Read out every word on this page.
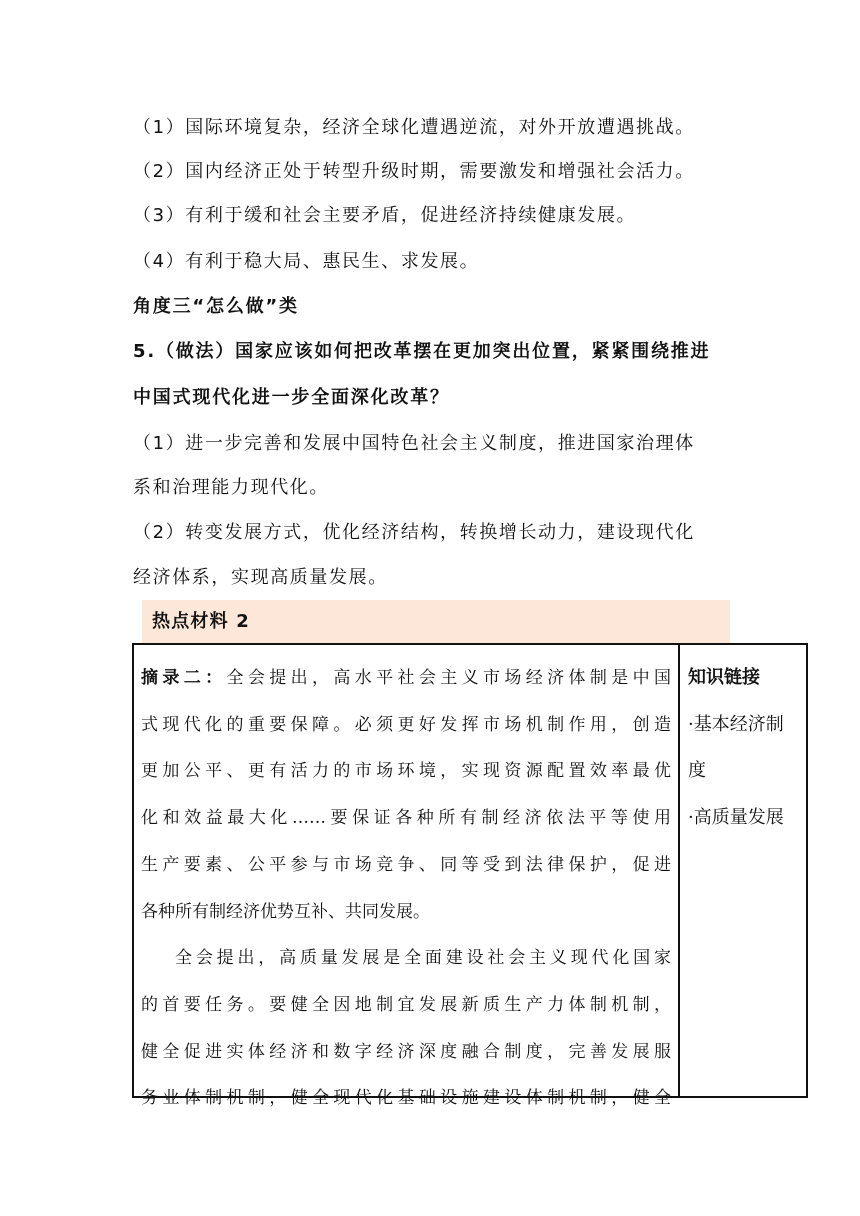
（1）国际环境复杂，经济全球化遭遇逆流，对外开放遭遇挑战。
（2）国内经济正处于转型升级时期，需要激发和增强社会活力。
（3）有利于缓和社会主要矛盾，促进经济持续健康发展。
（4）有利于稳大局、惠民生、求发展。
角度三“怎么做”类
5.（做法）国家应该如何把改革摆在更加突出位置，紧紧围绕推进
中国式现代化进一步全面深化改革？
（1）进一步完善和发展中国特色社会主义制度，推进国家治理体
系和治理能力现代化。
（2）转变发展方式，优化经济结构，转换增长动力，建设现代化
经济体系，实现高质量发展。
热点材料 2

摘录二：全会提出，高水平社会主义市场经济体制是中国

式现代化的重要保障。必须更好发挥市场机制作用，创造

更加公平、更有活力的市场环境，实现资源配置效率最优

化和效益最大化……要保证各种所有制经济依法平等使用

生产要素、公平参与市场竞争、同等受到法律保护，促进

各种所有制经济优势互补、共同发展。

全会提出，高质量发展是全面建设社会主义现代化国家

的首要任务。要健全因地制宜发展新质生产力体制机制，

健全促进实体经济和数字经济深度融合制度，完善发展服

务业体制机制，健全现代化基础设施建设体制机制，健全

知识链接
·基本经济制
度
·高质量发展
